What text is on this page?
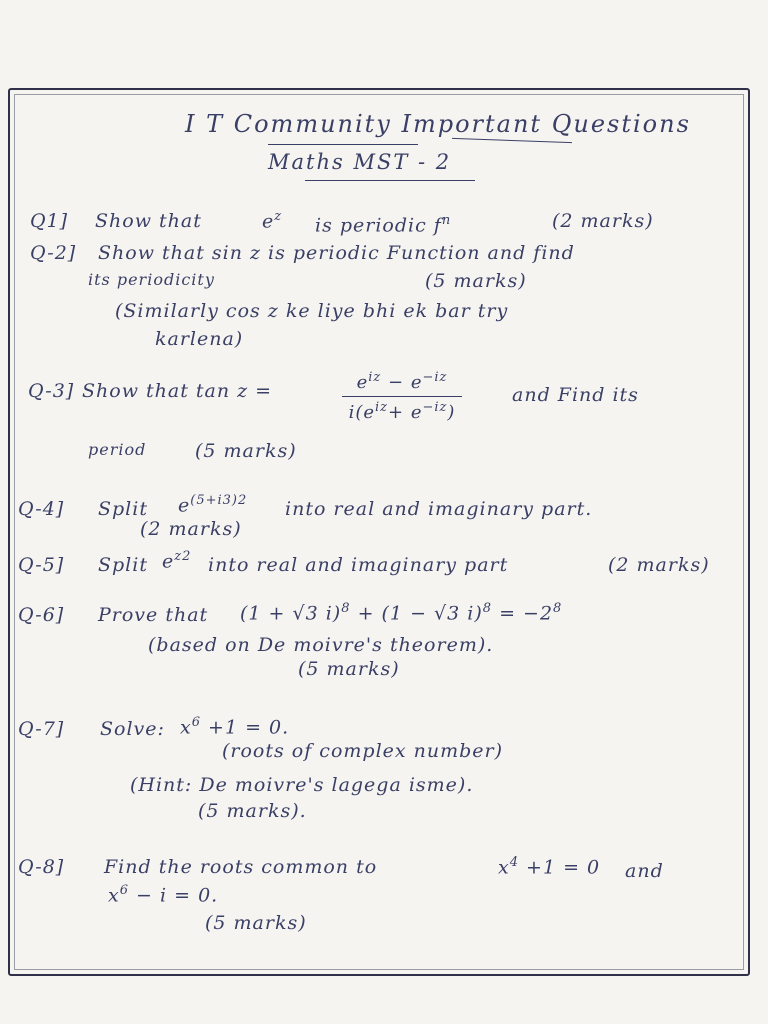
I T Community Important Questions
Maths MST - 2
Q1] Show that	$e^z$ is periodic $f^n$	(2 marks)
Q-2] Show that sin z is periodic Function and find
its periodicity	(5 marks)
(Similarly cos z ke liye bhi ek bar try
karlena)
Q-3] Show that tan z =	$e^{iz} - e^{-iz}$
$i(e^{iz}+ e^{-iz})$
and Find its
period	(5 marks)
Q-4] Split $e^{(5+i3)2}$ into real and imaginary part.
(2 marks)
Q-5] Split $e^{z2}$ into real and imaginary part	(2 marks)
Q-6] Prove that (1 + √3 i)$^8$ + (1 − √3 $i)^8 = -2^8$
(based on De moivre's theorem).
(5 marks)
Q-7] Solve: $x^6 +1 = 0$.
(roots of complex number)
(Hint: De moivre's lagega isme).
(5 marks).
Q-8] Find the roots common to	$x^4 +1 = 0$ and
$x^6 - i = 0$.
(5 marks)
